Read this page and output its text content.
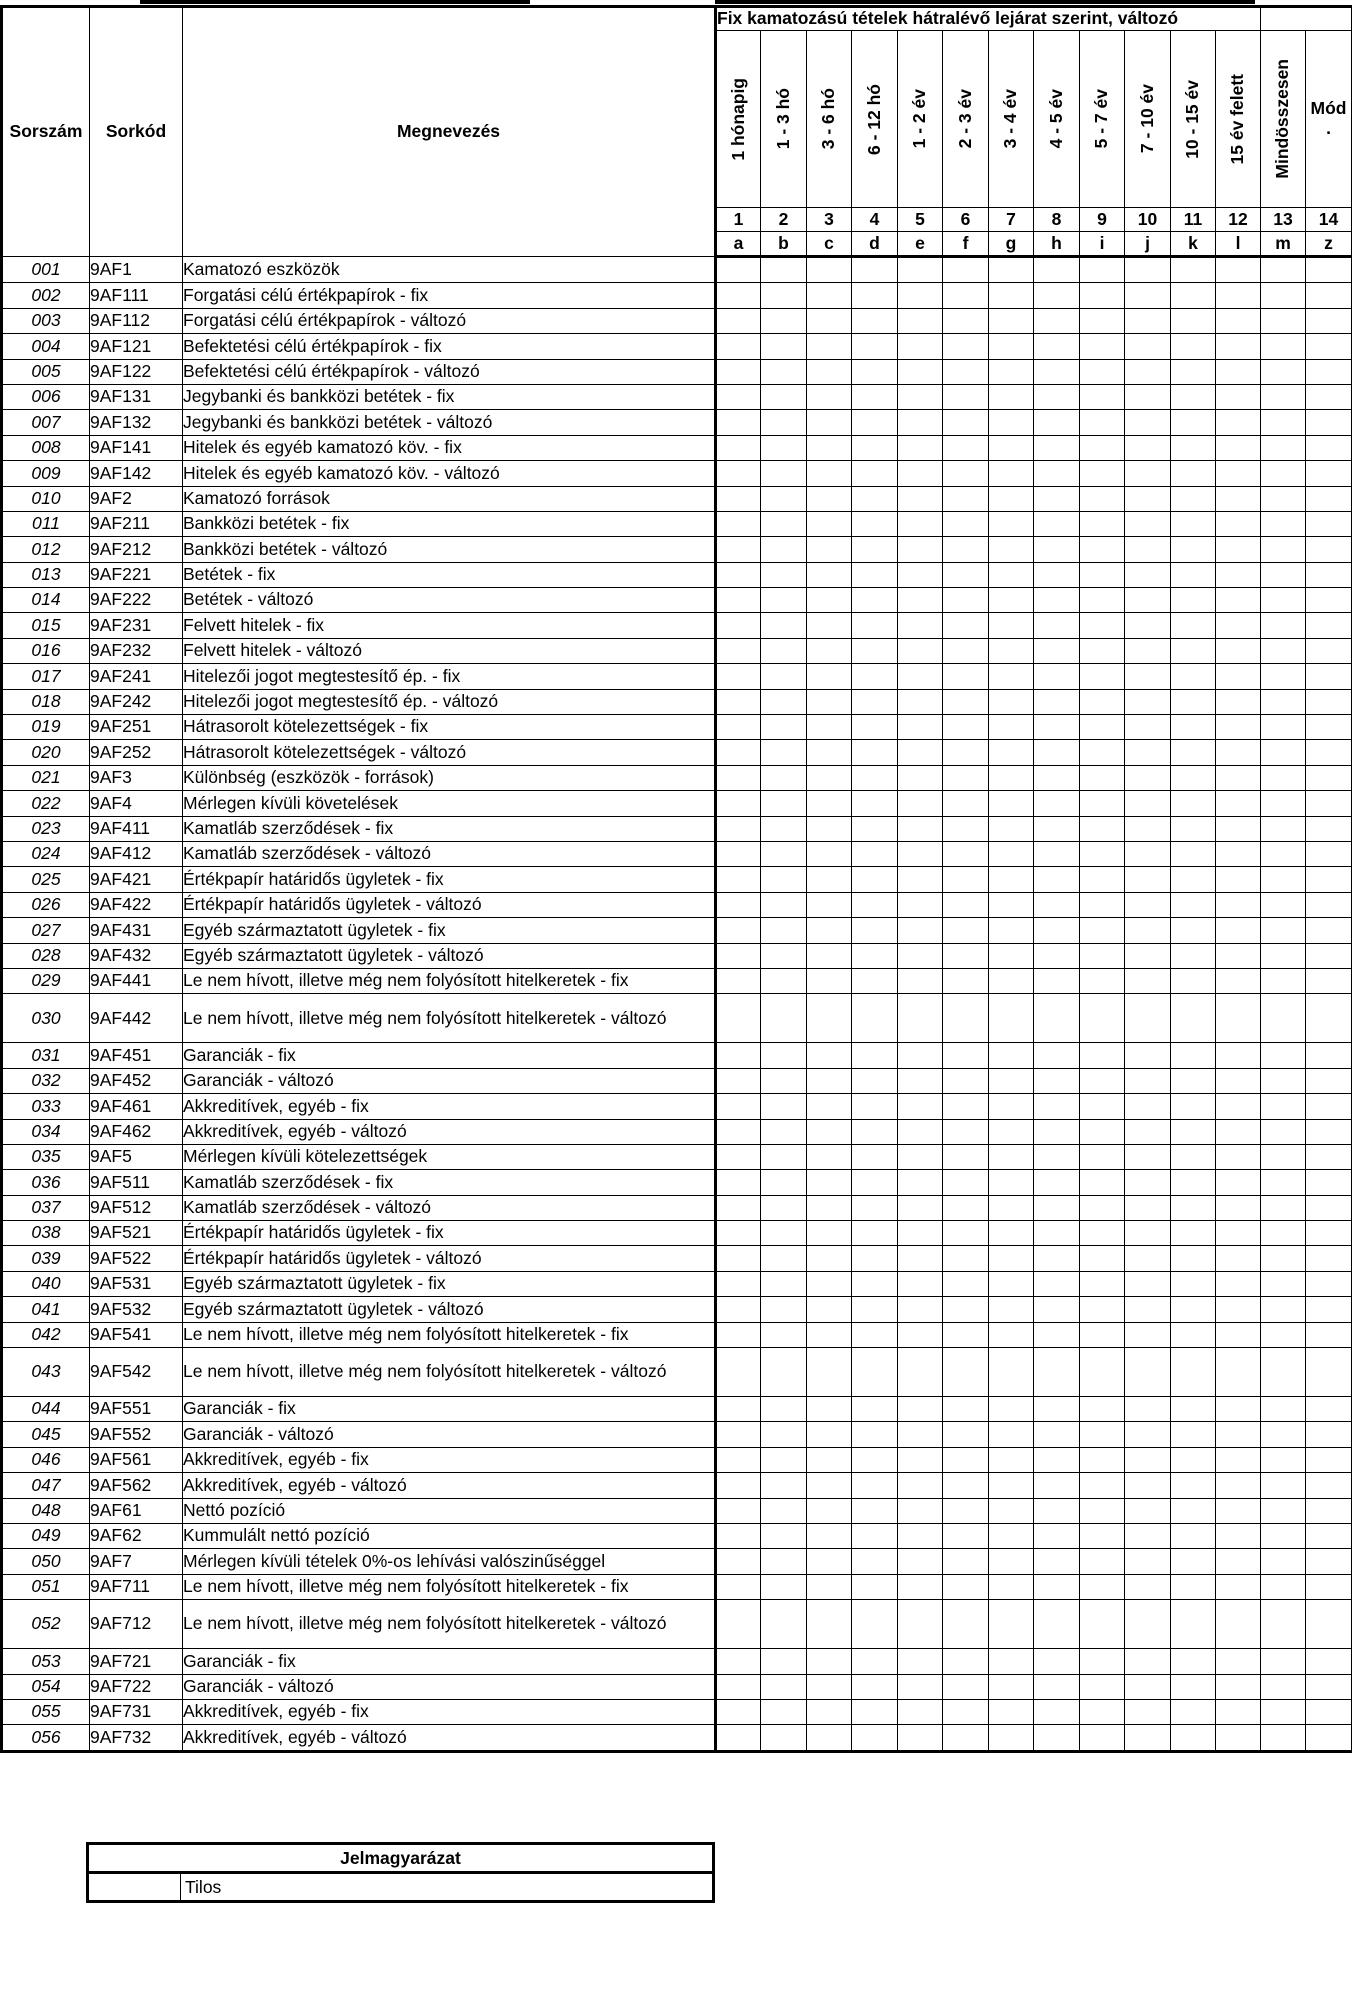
Sorszám	Sorkód	Megnevezés	Fix kamatozású tételek hátralévő lejárat szerint, változó													

			1 hónapig	1 - 3 hó	3 - 6 hó	6 - 12 hó	1 - 2 év	2 - 3 év	3 - 4 év	4 - 5 év	5 - 7 év	7 - 10 év	10 - 15 év	15 év felett	Mindösszesen	Mód
.

			1	2	3	4	5	6	7	8	9	10	11	12	13	14
			a	b	c	d	e	f	g	h	i	j	k	l	m	z
001	9AF1	Kamatozó eszközök														
002	9AF111	Forgatási célú értékpapírok - fix														
003	9AF112	Forgatási célú értékpapírok - változó														
004	9AF121	Befektetési célú értékpapírok - fix														
005	9AF122	Befektetési célú értékpapírok - változó														
006	9AF131	Jegybanki és bankközi betétek - fix														
007	9AF132	Jegybanki és bankközi betétek - változó														
008	9AF141	Hitelek és egyéb kamatozó köv. - fix														
009	9AF142	Hitelek és egyéb kamatozó köv. - változó														
010	9AF2	Kamatozó források														
011	9AF211	Bankközi betétek - fix														
012	9AF212	Bankközi betétek - változó														
013	9AF221	Betétek - fix														
014	9AF222	Betétek - változó														
015	9AF231	Felvett hitelek - fix														
016	9AF232	Felvett hitelek - változó														
017	9AF241	Hitelezői jogot megtestesítő ép. - fix														
018	9AF242	Hitelezői jogot megtestesítő ép. - változó														
019	9AF251	Hátrasorolt kötelezettségek - fix														
020	9AF252	Hátrasorolt kötelezettségek - változó														
021	9AF3	Különbség (eszközök - források)														
022	9AF4	Mérlegen kívüli követelések														
023	9AF411	Kamatláb szerződések - fix														
024	9AF412	Kamatláb szerződések - változó														
025	9AF421	Értékpapír határidős ügyletek - fix														
026	9AF422	Értékpapír határidős ügyletek - változó														
027	9AF431	Egyéb származtatott ügyletek - fix														
028	9AF432	Egyéb származtatott ügyletek - változó														
029	9AF441	Le nem hívott, illetve még nem folyósított hitelkeretek - fix														
030	9AF442	Le nem hívott, illetve még nem folyósított hitelkeretek - változó														
031	9AF451	Garanciák - fix														
032	9AF452	Garanciák - változó														
033	9AF461	Akkreditívek, egyéb - fix														
034	9AF462	Akkreditívek, egyéb - változó														
035	9AF5	Mérlegen kívüli kötelezettségek														
036	9AF511	Kamatláb szerződések - fix														
037	9AF512	Kamatláb szerződések - változó														
038	9AF521	Értékpapír határidős ügyletek - fix														
039	9AF522	Értékpapír határidős ügyletek - változó														
040	9AF531	Egyéb származtatott ügyletek - fix														
041	9AF532	Egyéb származtatott ügyletek - változó														
042	9AF541	Le nem hívott, illetve még nem folyósított hitelkeretek - fix														
043	9AF542	Le nem hívott, illetve még nem folyósított hitelkeretek - változó														
044	9AF551	Garanciák - fix														
045	9AF552	Garanciák - változó														
046	9AF561	Akkreditívek, egyéb - fix														
047	9AF562	Akkreditívek, egyéb - változó														
048	9AF61	Nettó pozíció														
049	9AF62	Kummulált nettó pozíció														
050	9AF7	Mérlegen kívüli tételek 0%-os lehívási valószinűséggel														
051	9AF711	Le nem hívott, illetve még nem folyósított hitelkeretek - fix														
052	9AF712	Le nem hívott, illetve még nem folyósított hitelkeretek - változó														
053	9AF721	Garanciák - fix														
054	9AF722	Garanciák - változó														
055	9AF731	Akkreditívek, egyéb - fix														
056	9AF732	Akkreditívek, egyéb - változó														
Jelmagyarázat
	Tilos
